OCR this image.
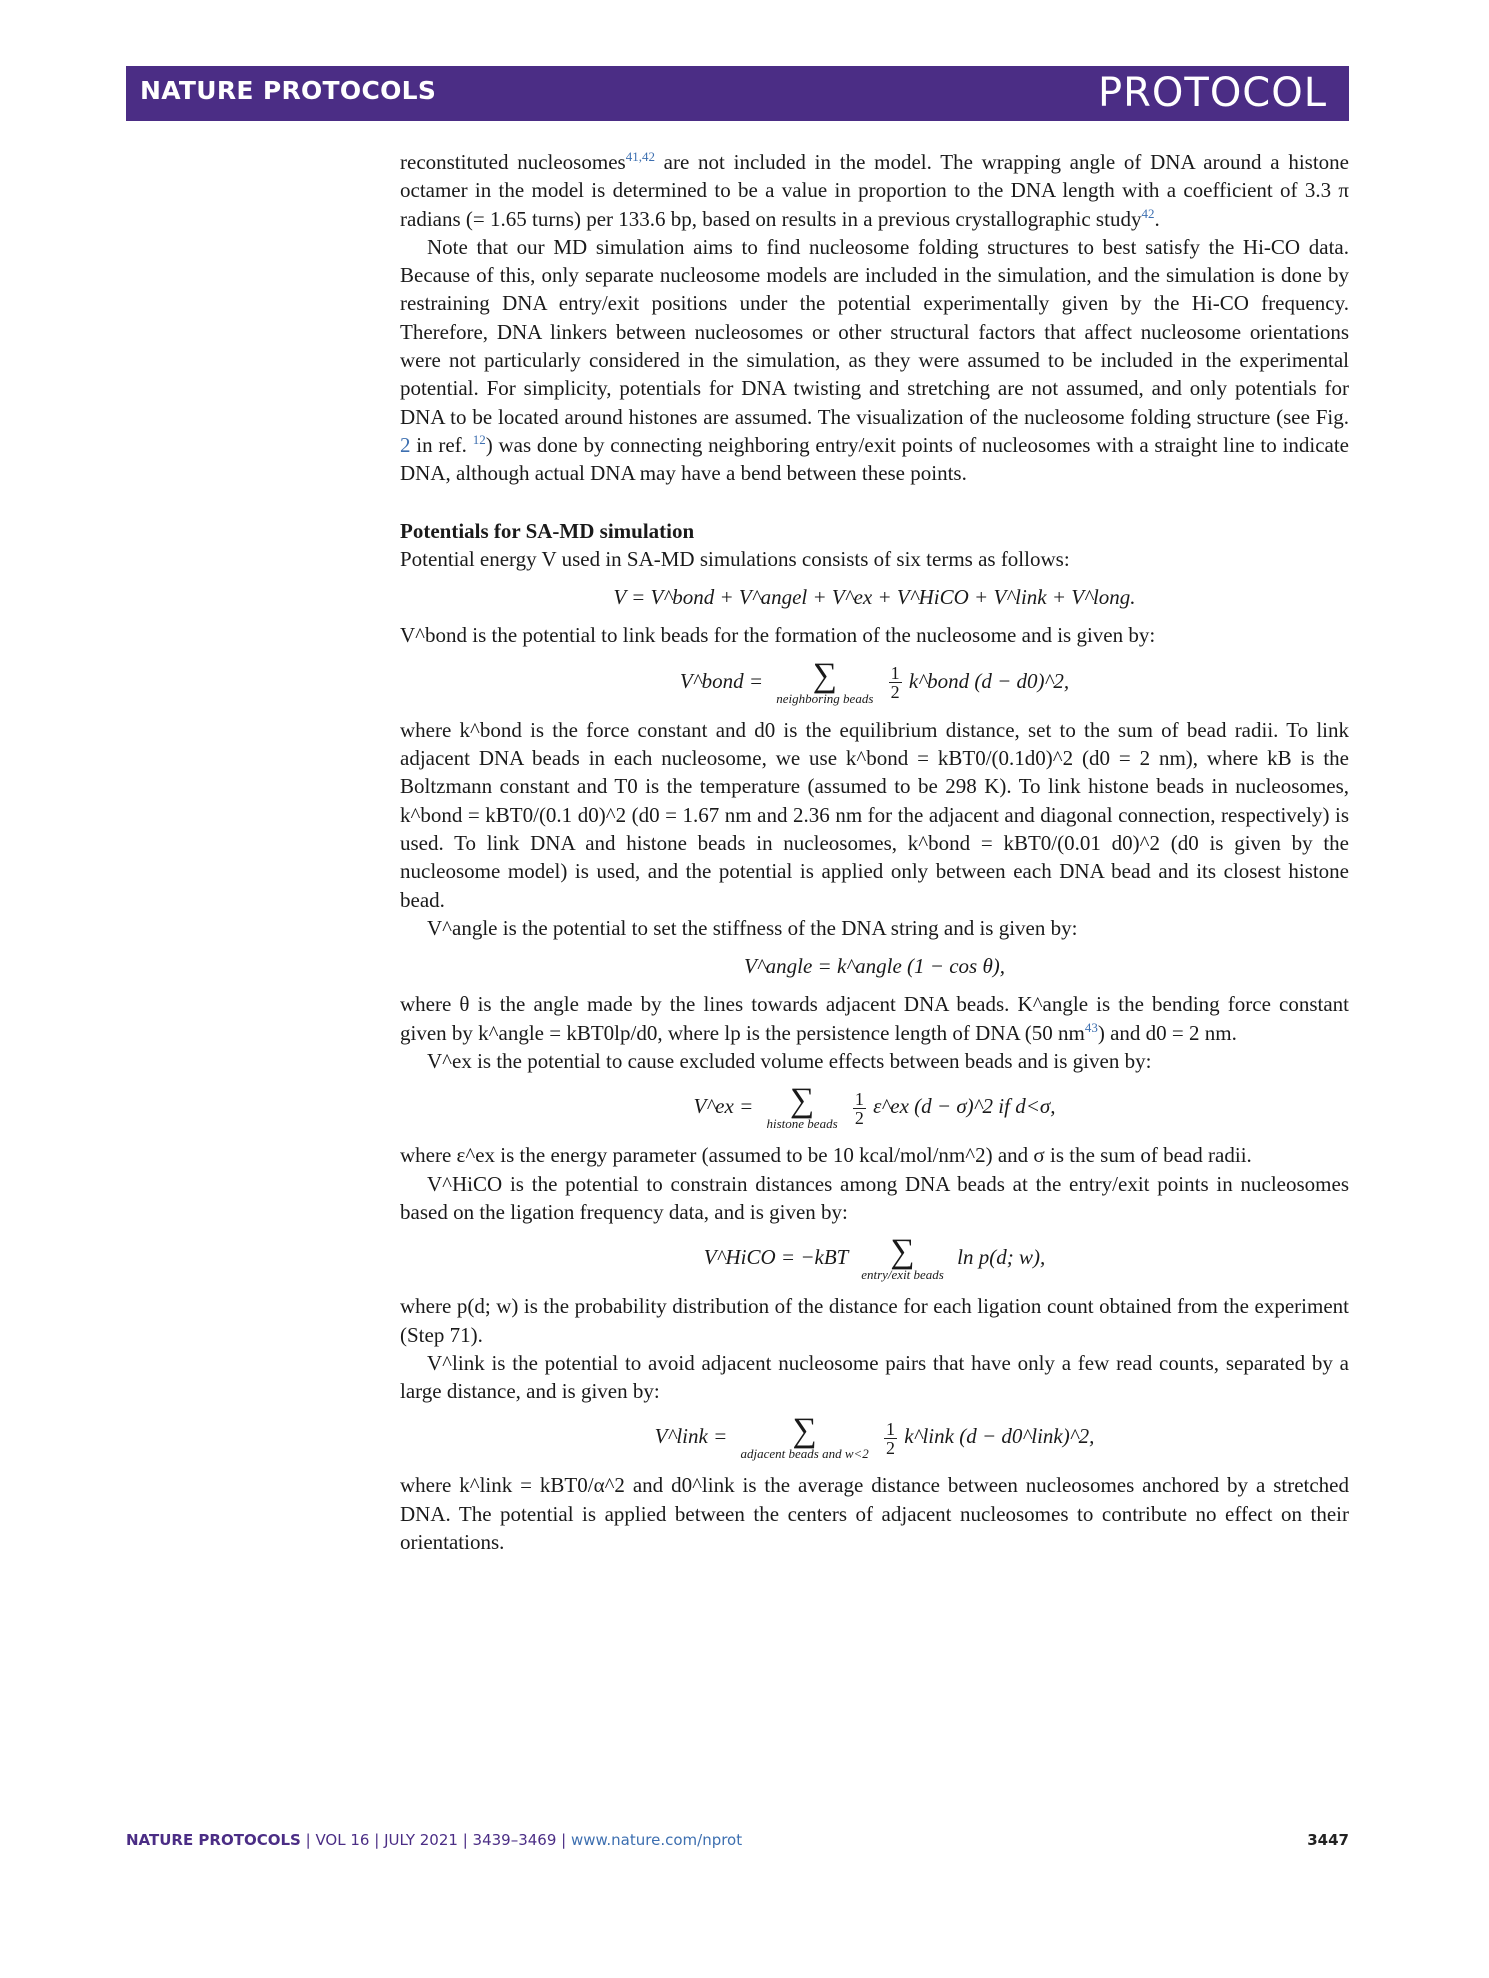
NATURE PROTOCOLS	PROTOCOL

reconstituted nucleosomes$^{41,42}$ are not included in the model. The wrapping angle of DNA around a histone octamer in the model is determined to be a value in proportion to the DNA length with a coefficient of 3.3 π radians (= 1.65 turns) per 133.6 bp, based on results in a previous crystallographic study$^{42}$.

Note that our MD simulation aims to find nucleosome folding structures to best satisfy the Hi-CO data. Because of this, only separate nucleosome models are included in the simulation, and the simulation is done by restraining DNA entry/exit positions under the potential experimentally given by the Hi-CO frequency. Therefore, DNA linkers between nucleosomes or other structural factors that affect nucleosome orientations were not particularly considered in the simulation, as they were assumed to be included in the experimental potential. For simplicity, potentials for DNA twisting and stretching are not assumed, and only potentials for DNA to be located around histones are assumed. The visualization of the nucleosome folding structure (see Fig. 2 in ref. $^{12}$) was done by connecting neighboring entry/exit points of nucleosomes with a straight line to indicate DNA, although actual DNA may have a bend between these points.

Potentials for SA-MD simulation

Potential energy V used in SA-MD simulations consists of six terms as follows:

V = V^bond + V^angel + V^ex + V^HiCO + V^link + V^long.

V^bond is the potential to link beads for the formation of the nucleosome and is given by:

V^bond =	∑
neighboring beads
$\frac{1}{2}$ k^bond (d − d0)^2,

where k^bond is the force constant and d0 is the equilibrium distance, set to the sum of bead radii. To link adjacent DNA beads in each nucleosome, we use k^bond = kBT0/(0.1d0)^2 (d0 = 2 nm), where kB is the Boltzmann constant and T0 is the temperature (assumed to be 298 K). To link histone beads in nucleosomes, k^bond = kBT0/(0.1 d0)^2 (d0 = 1.67 nm and 2.36 nm for the adjacent and diagonal connection, respectively) is used. To link DNA and histone beads in nucleosomes, k^bond = kBT0/(0.01 d0)^2 (d0 is given by the nucleosome model) is used, and the potential is applied only between each DNA bead and its closest histone bead.

V^angle is the potential to set the stiffness of the DNA string and is given by:

V^angle = k^angle (1 − cos θ),

where θ is the angle made by the lines towards adjacent DNA beads. K^angle is the bending force constant given by k^angle = kBT0lp/d0, where lp is the persistence length of DNA (50 nm$^{43}$) and d0 = 2 nm.

V^ex is the potential to cause excluded volume effects between beads and is given by:

V^ex =	∑
histone beads
$\frac{1}{2}$ ε^ex (d − σ)^2 if d<σ,

where ε^ex is the energy parameter (assumed to be 10 kcal/mol/nm^2) and σ is the sum of bead radii.

V^HiCO is the potential to constrain distances among DNA beads at the entry/exit points in nucleosomes based on the ligation frequency data, and is given by:

V^HiCO = −kBT	∑
entry/exit beads
ln p(d; w),

where p(d; w) is the probability distribution of the distance for each ligation count obtained from the experiment (Step 71).

V^link is the potential to avoid adjacent nucleosome pairs that have only a few read counts, separated by a large distance, and is given by:

V^link =	∑
adjacent beads and w<2
$\frac{1}{2}$ k^link (d − d0^link)^2,

where k^link = kBT0/α^2 and d0^link is the average distance between nucleosomes anchored by a stretched DNA. The potential is applied between the centers of adjacent nucleosomes to contribute no effect on their orientations.

NATURE PROTOCOLS | VOL 16 | JULY 2021 | 3439–3469 | www.nature.com/nprot	3447
